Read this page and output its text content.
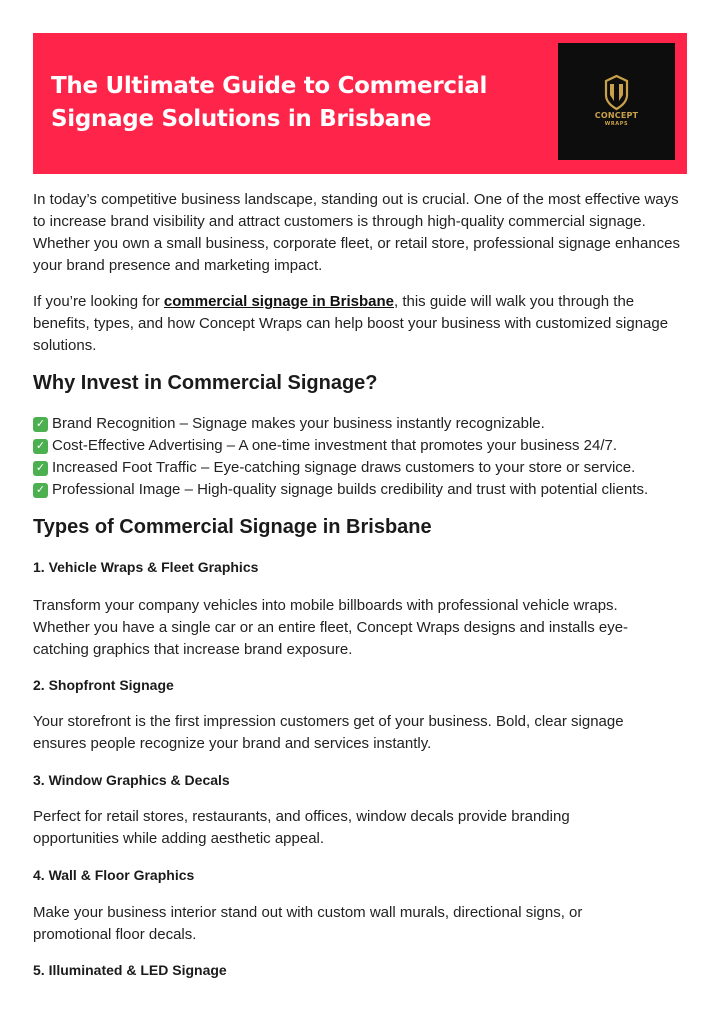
The Ultimate Guide to Commercial
Signage Solutions in Brisbane	CONCEPT
WRAPS

In today’s competitive business landscape, standing out is crucial. One of the most effective ways to increase brand visibility and attract customers is through high-quality commercial signage. Whether you own a small business, corporate fleet, or retail store, professional signage enhances your brand presence and marketing impact.

If you’re looking for commercial signage in Brisbane, this guide will walk you through the benefits, types, and how Concept Wraps can help boost your business with customized signage solutions.

Why Invest in Commercial Signage?
✓ Brand Recognition – Signage makes your business instantly recognizable.
✓ Cost-Effective Advertising – A one-time investment that promotes your business 24/7.
✓ Increased Foot Traffic – Eye-catching signage draws customers to your store or service.
✓ Professional Image – High-quality signage builds credibility and trust with potential clients.
Types of Commercial Signage in Brisbane
1. Vehicle Wraps & Fleet Graphics

Transform your company vehicles into mobile billboards with professional vehicle wraps. Whether you have a single car or an entire fleet, Concept Wraps designs and installs eye-catching graphics that increase brand exposure.

2. Shopfront Signage

Your storefront is the first impression customers get of your business. Bold, clear signage ensures people recognize your brand and services instantly.

3. Window Graphics & Decals

Perfect for retail stores, restaurants, and offices, window decals provide branding opportunities while adding aesthetic appeal.

4. Wall & Floor Graphics

Make your business interior stand out with custom wall murals, directional signs, or promotional floor decals.

5. Illuminated & LED Signage
